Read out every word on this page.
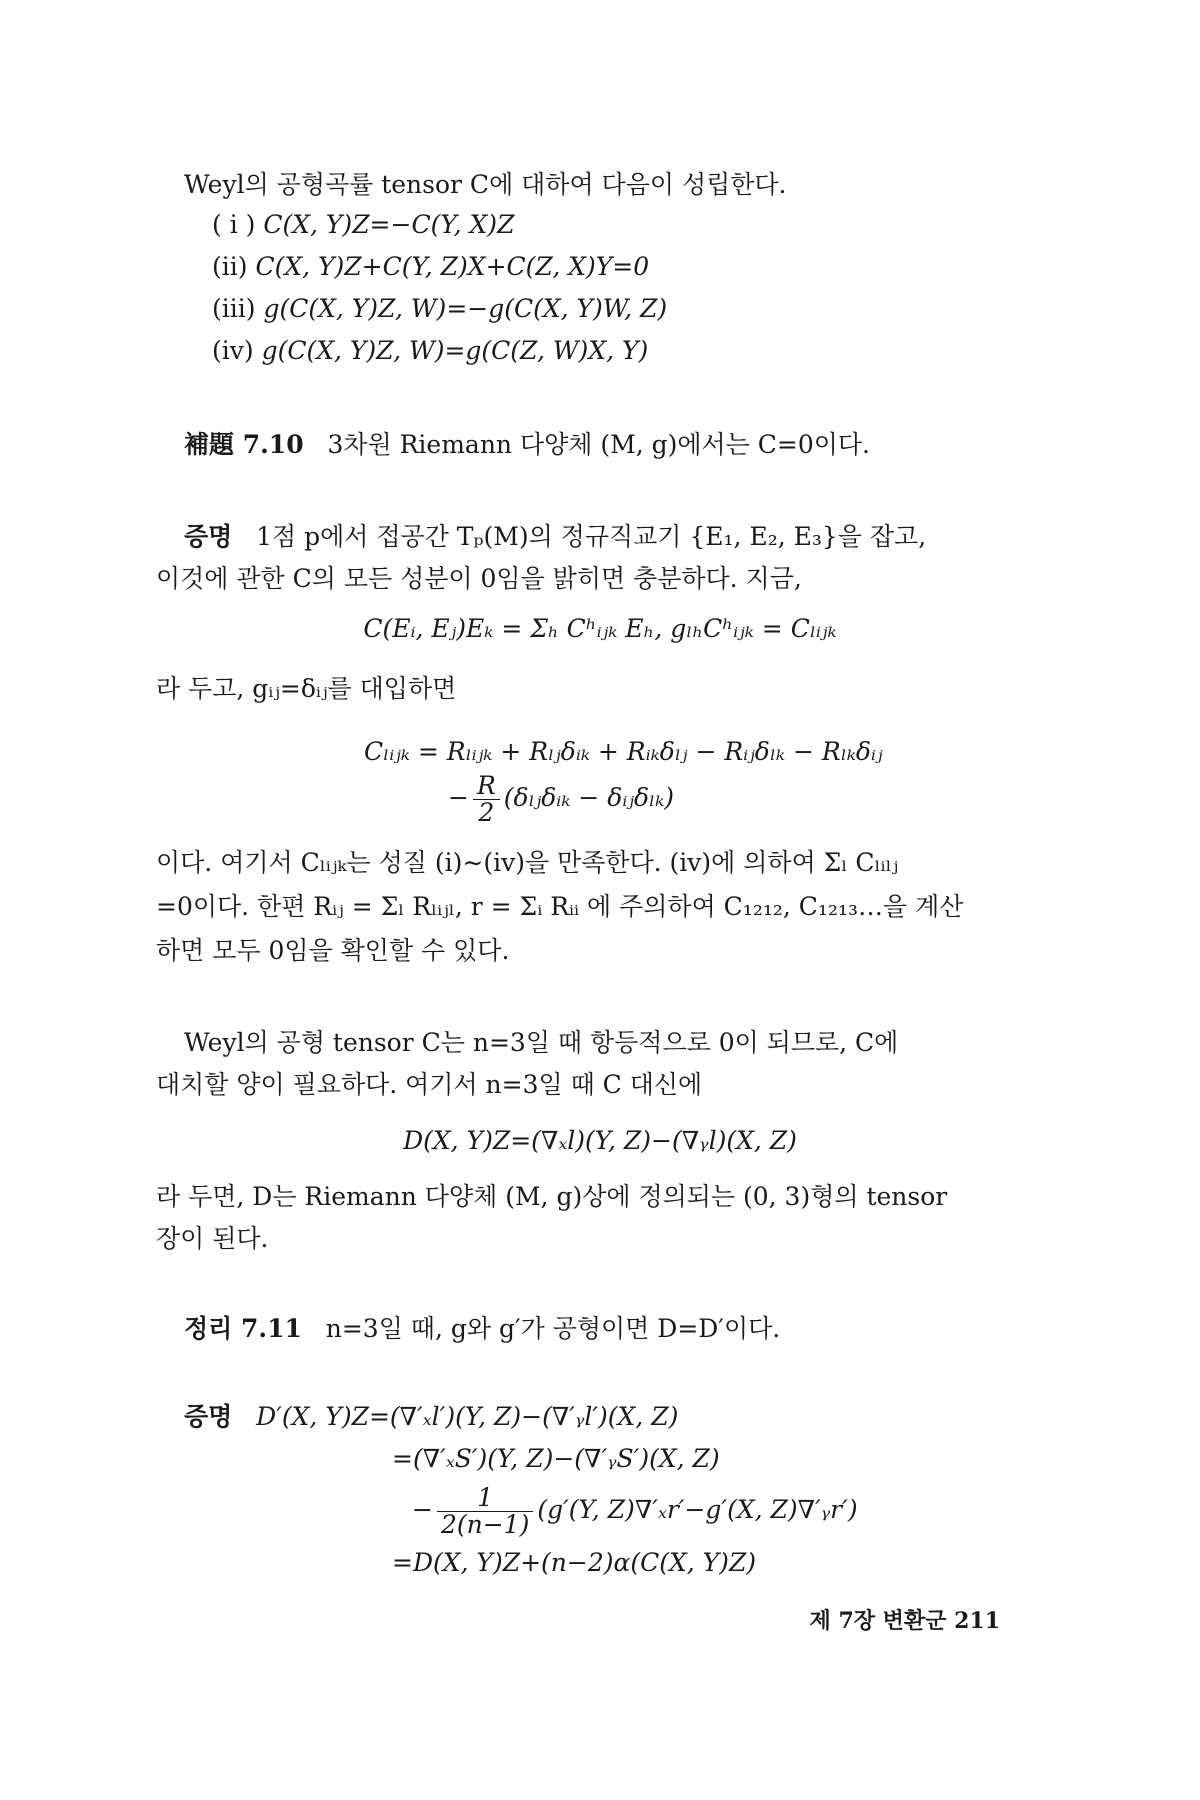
Weyl의 공형곡률 tensor C에 대하여 다음이 성립한다.
( i ) C(X, Y)Z=−C(Y, X)Z
(ii) C(X, Y)Z+C(Y, Z)X+C(Z, X)Y=0
(iii) g(C(X, Y)Z, W)=−g(C(X, Y)W, Z)
(iv) g(C(X, Y)Z, W)=g(C(Z, W)X, Y)
補題 7.10 3차원 Riemann 다양체 (M, g)에서는 C=0이다.
증명 1점 p에서 접공간 Tₚ(M)의 정규직교기 {E₁, E₂, E₃}을 잡고,
이것에 관한 C의 모든 성분이 0임을 밝히면 충분하다. 지금,
C(Eᵢ, Eⱼ)Eₖ = Σₕ Cʰᵢⱼₖ Eₕ, gₗₕCʰᵢⱼₖ = Cₗᵢⱼₖ
라 두고, gᵢⱼ=δᵢⱼ를 대입하면
Cₗᵢⱼₖ = Rₗᵢⱼₖ + Rₗⱼδᵢₖ + Rᵢₖδₗⱼ − Rᵢⱼδₗₖ − Rₗₖδᵢⱼ
− $\frac{R}{2}$ (δₗⱼδᵢₖ − δᵢⱼδₗₖ)
이다. 여기서 Cₗᵢⱼₖ는 성질 (i)∼(iv)을 만족한다. (iv)에 의하여 Σₗ Cₗᵢₗⱼ
=0이다. 한편 Rᵢⱼ = Σₗ Rₗᵢⱼₗ, r = Σᵢ Rᵢᵢ 에 주의하여 C₁₂₁₂, C₁₂₁₃…을 계산
하면 모두 0임을 확인할 수 있다.
Weyl의 공형 tensor C는 n=3일 때 항등적으로 0이 되므로, C에
대치할 양이 필요하다. 여기서 n=3일 때 C 대신에
D(X, Y)Z=(∇ₓl)(Y, Z)−(∇ᵧl)(X, Z)
라 두면, D는 Riemann 다양체 (M, g)상에 정의되는 (0, 3)형의 tensor
장이 된다.
정리 7.11 n=3일 때, g와 g′가 공형이면 D=D′이다.
증명 D′(X, Y)Z=(∇′ₓl′)(Y, Z)−(∇′ᵧl′)(X, Z)
=(∇′ₓS′)(Y, Z)−(∇′ᵧS′)(X, Z)
− $\frac{1}{2(n-1)} (g'(Y$, Z)∇′ₓr′−g′(X, Z)∇′ᵧr′)
=D(X, Y)Z+(n−2)α(C(X, Y)Z)
제 7장 변환군 211
